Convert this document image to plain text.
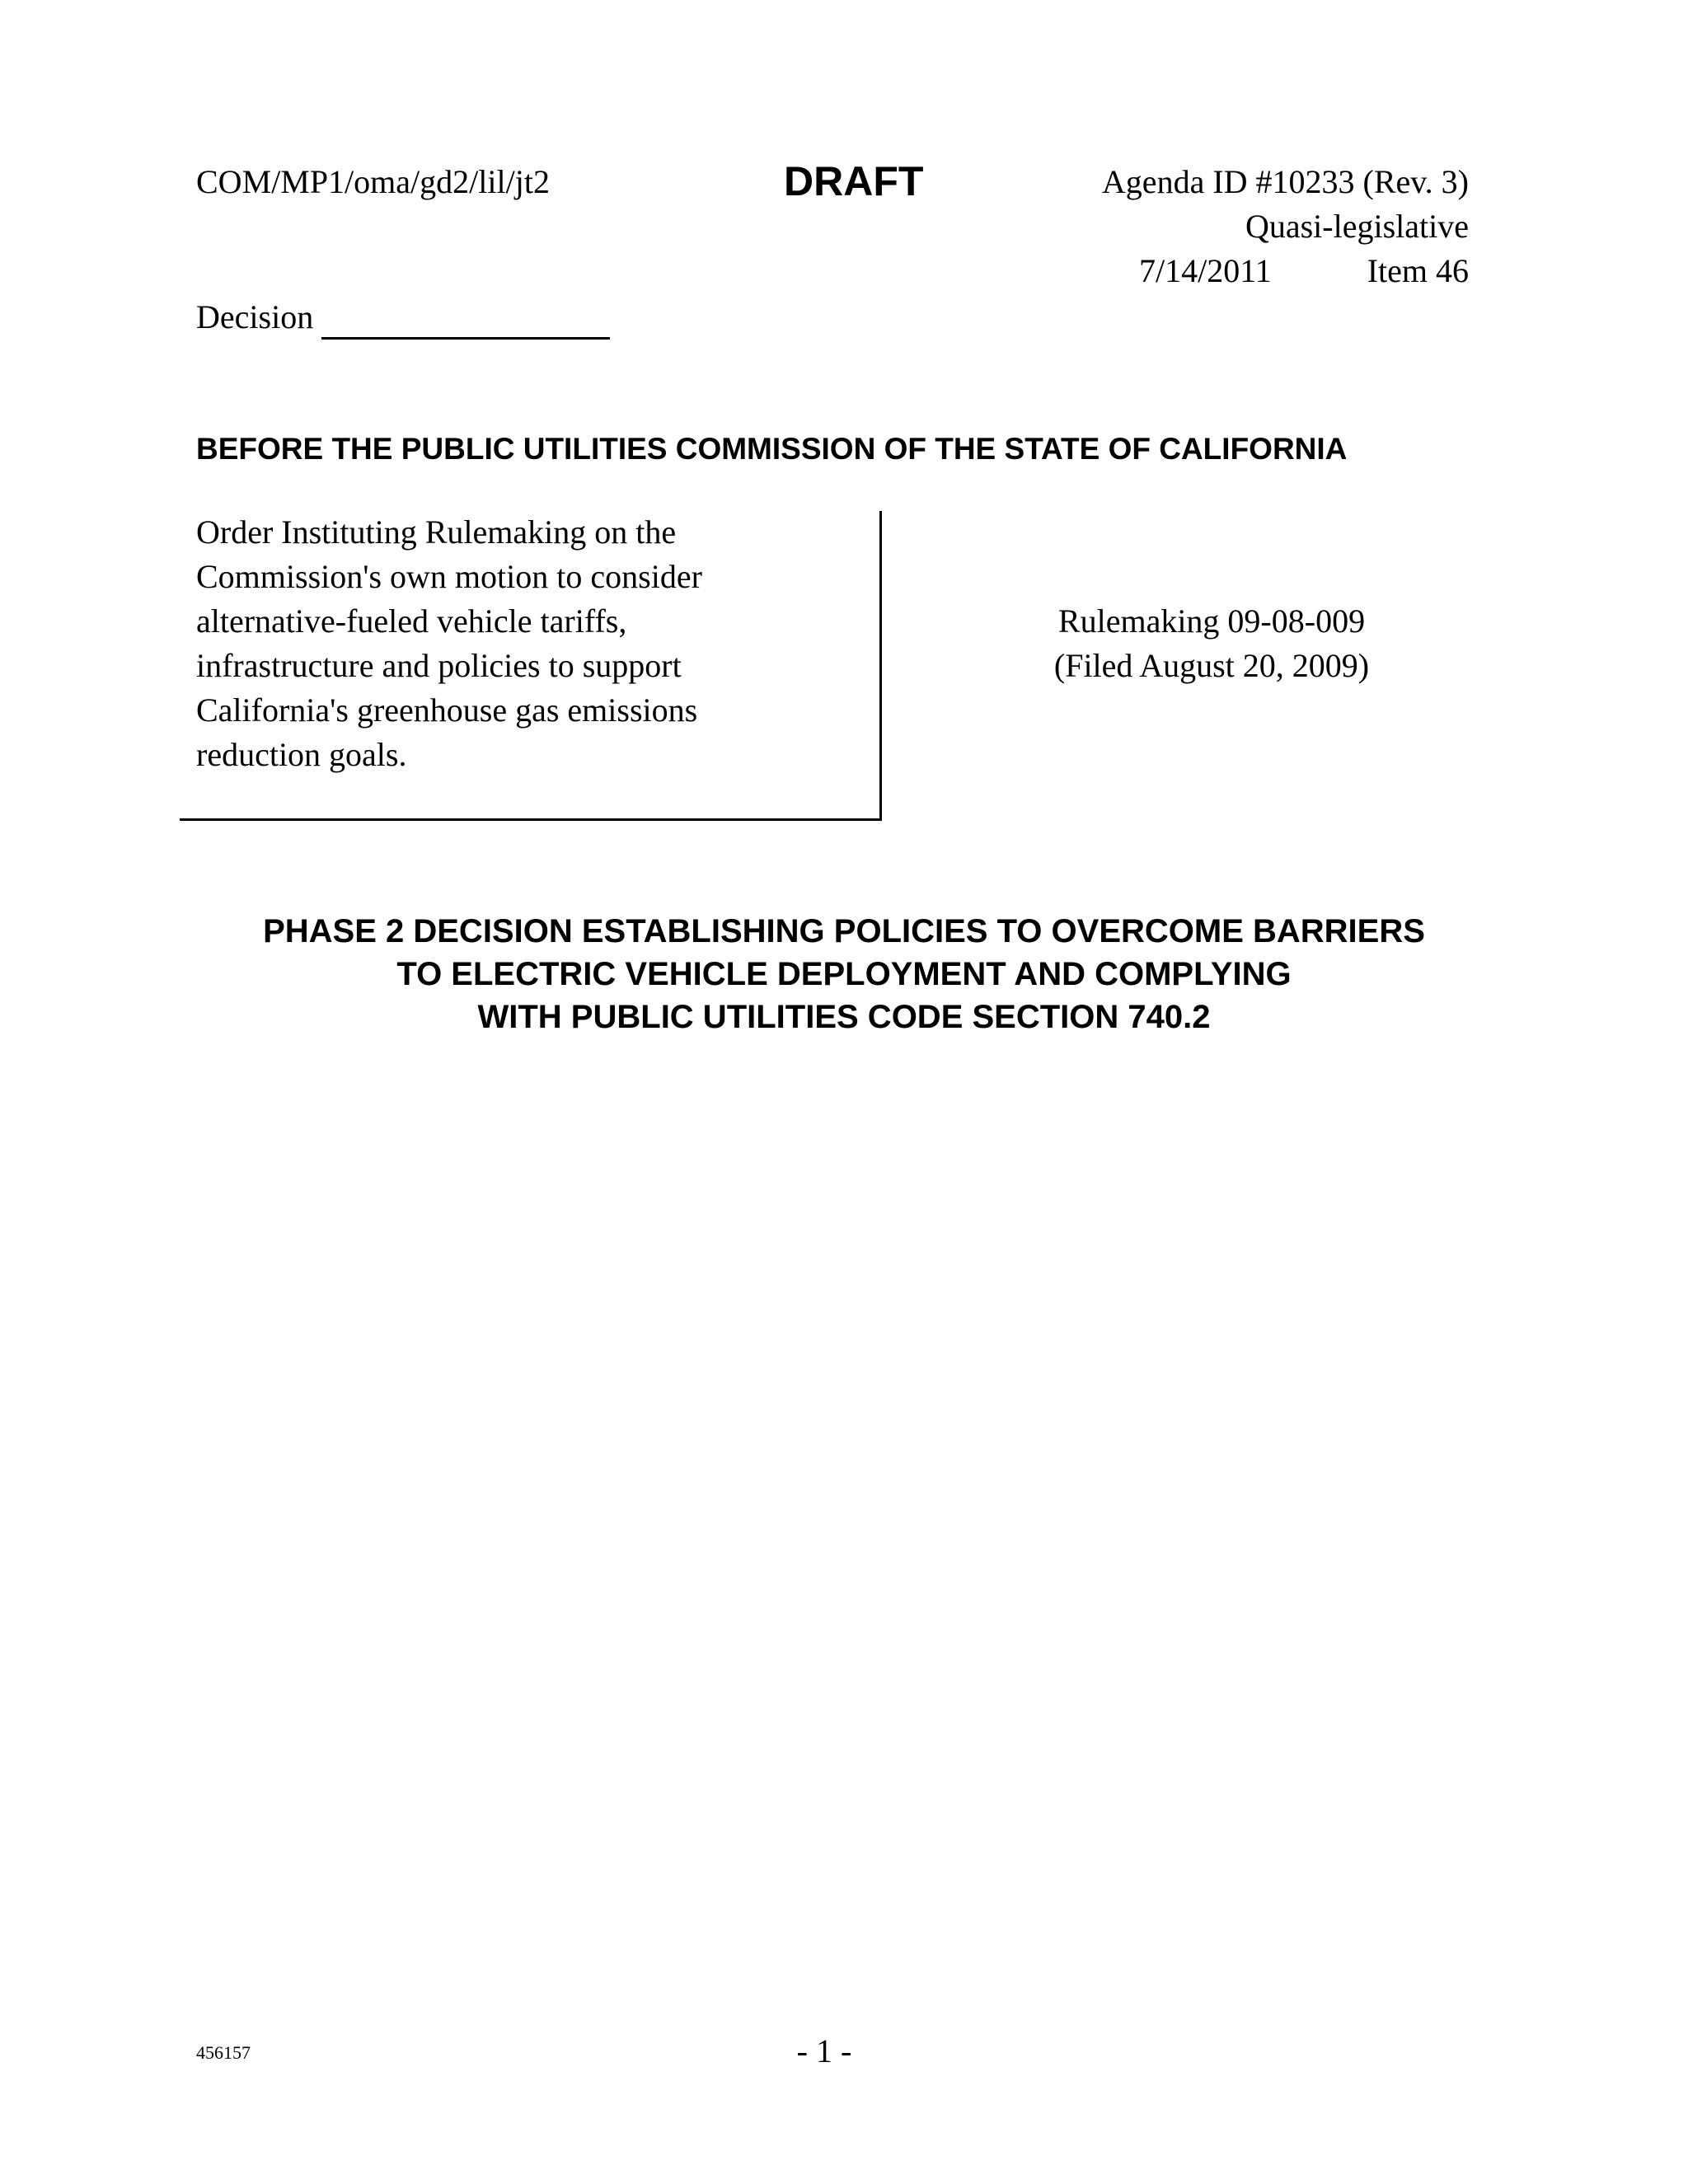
COM/MP1/oma/gd2/lil/jt2	DRAFT	Agenda ID #10233 (Rev. 3)
Quasi-legislative
7/14/2011	Item 46
Decision
BEFORE THE PUBLIC UTILITIES COMMISSION OF THE STATE OF CALIFORNIA
Order Instituting Rulemaking on the
Commission's own motion to consider
alternative-fueled vehicle tariffs,
infrastructure and policies to support
California's greenhouse gas emissions
reduction goals.
Rulemaking 09-08-009
(Filed August 20, 2009)
PHASE 2 DECISION ESTABLISHING POLICIES TO OVERCOME BARRIERS
TO ELECTRIC VEHICLE DEPLOYMENT AND COMPLYING
WITH PUBLIC UTILITIES CODE SECTION 740.2
456157	- 1 -
